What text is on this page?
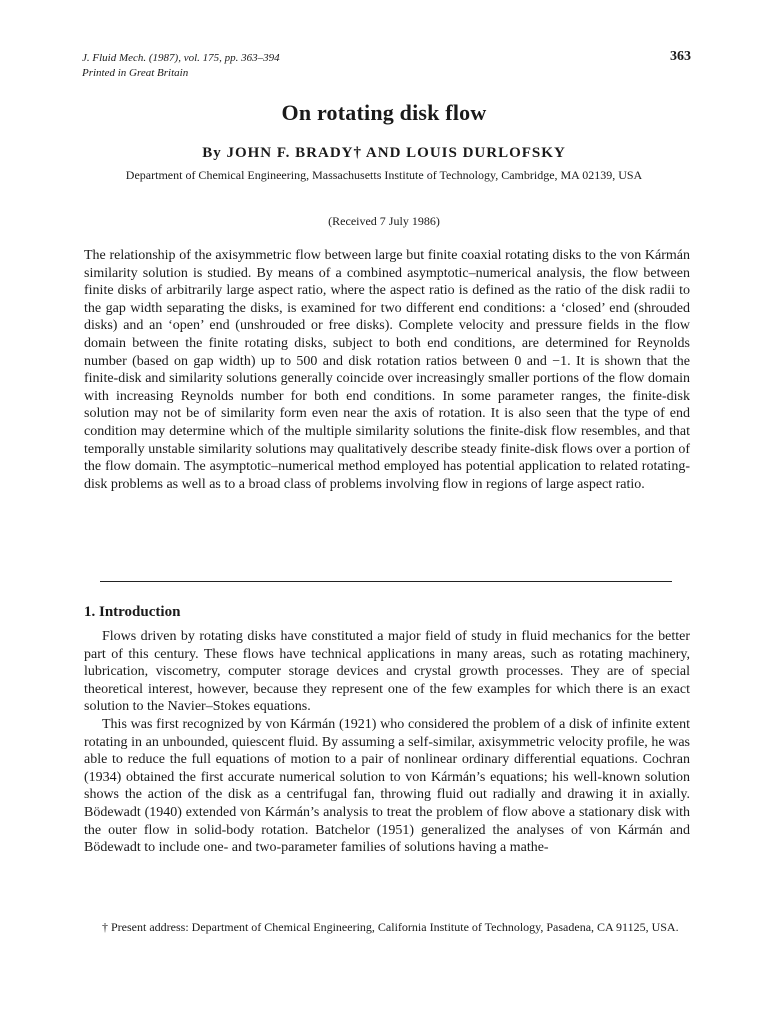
J. Fluid Mech. (1987), vol. 175, pp. 363–394
Printed in Great Britain
363
On rotating disk flow
By JOHN F. BRADY† AND LOUIS DURLOFSKY
Department of Chemical Engineering, Massachusetts Institute of Technology, Cambridge, MA 02139, USA
(Received 7 July 1986)

The relationship of the axisymmetric flow between large but finite coaxial rotating disks to the von Kármán similarity solution is studied. By means of a combined asymptotic–numerical analysis, the flow between finite disks of arbitrarily large aspect ratio, where the aspect ratio is defined as the ratio of the disk radii to the gap width separating the disks, is examined for two different end conditions: a ‘closed’ end (shrouded disks) and an ‘open’ end (unshrouded or free disks). Complete velocity and pressure fields in the flow domain between the finite rotating disks, subject to both end conditions, are determined for Reynolds number (based on gap width) up to 500 and disk rotation ratios between 0 and −1. It is shown that the finite-disk and similarity solutions generally coincide over increasingly smaller portions of the flow domain with increasing Reynolds number for both end conditions. In some parameter ranges, the finite-disk solution may not be of similarity form even near the axis of rotation. It is also seen that the type of end condition may determine which of the multiple similarity solutions the finite-disk flow resembles, and that temporally unstable similarity solutions may qualitatively describe steady finite-disk flows over a portion of the flow domain. The asymptotic–numerical method employed has potential application to related rotating-disk problems as well as to a broad class of problems involving flow in regions of large aspect ratio.

1. Introduction

Flows driven by rotating disks have constituted a major field of study in fluid mechanics for the better part of this century. These flows have technical applications in many areas, such as rotating machinery, lubrication, viscometry, computer storage devices and crystal growth processes. They are of special theoretical interest, however, because they represent one of the few examples for which there is an exact solution to the Navier–Stokes equations.

This was first recognized by von Kármán (1921) who considered the problem of a disk of infinite extent rotating in an unbounded, quiescent fluid. By assuming a self-similar, axisymmetric velocity profile, he was able to reduce the full equations of motion to a pair of nonlinear ordinary differential equations. Cochran (1934) obtained the first accurate numerical solution to von Kármán’s equations; his well-known solution shows the action of the disk as a centrifugal fan, throwing fluid out radially and drawing it in axially. Bödewadt (1940) extended von Kármán’s analysis to treat the problem of flow above a stationary disk with the outer flow in solid-body rotation. Batchelor (1951) generalized the analyses of von Kármán and Bödewadt to include one- and two-parameter families of solutions having a mathe-

† Present address: Department of Chemical Engineering, California Institute of Technology, Pasadena, CA 91125, USA.
